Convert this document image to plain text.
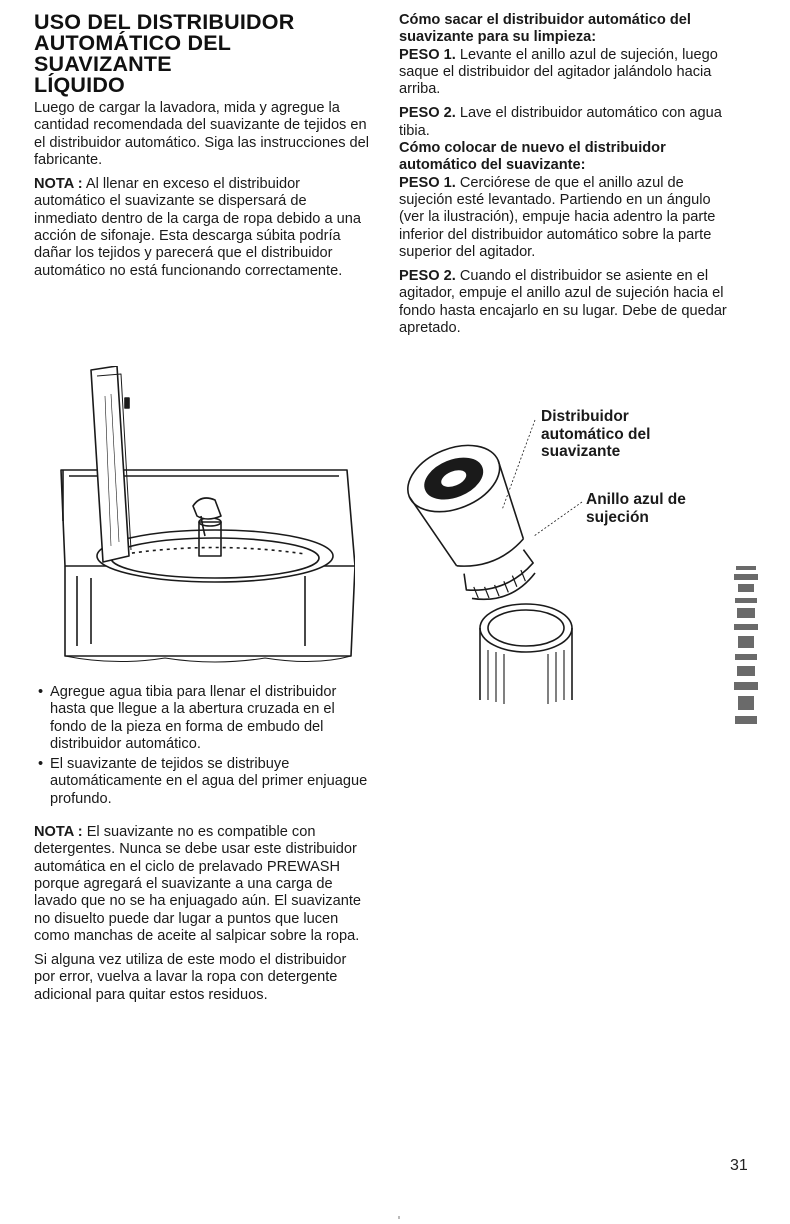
USO DEL DISTRIBUIDOR
AUTOMÁTICO DEL SUAVIZANTE
LÍQUIDO

Luego de cargar la lavadora, mida y agregue la cantidad recomendada del suavizante de tejidos en el distribuidor automático. Siga las instrucciones del fabricante.

NOTA : Al llenar en exceso el distribuidor automático el suavizante se dispersará de inmediato dentro de la carga de ropa debido a una acción de sifonaje. Esta descarga súbita podría dañar los tejidos y parecerá que el distribuidor automático no está funcionando correctamente.

• Agregue agua tibia para llenar el distribuidor hasta que llegue a la abertura cruzada en el fondo de la pieza en forma de embudo del distribuidor automático.
• El suavizante de tejidos se distribuye automáticamente en el agua del primer enjuague profundo.

NOTA : El suavizante no es compatible con detergentes. Nunca se debe usar este distribuidor automática en el ciclo de prelavado PREWASH porque agregará el suavizante a una carga de lavado que no se ha enjuagado aún. El suavizante no disuelto puede dar lugar a puntos que lucen como manchas de aceite al salpicar sobre la ropa.

Si alguna vez utiliza de este modo el distribuidor por error, vuelva a lavar la ropa con detergente adicional para quitar estos residuos.

Cómo sacar el distribuidor automático del suavizante para su limpieza:

PESO 1. Levante el anillo azul de sujeción, luego saque el distribuidor del agitador jalándolo hacia arriba.

PESO 2. Lave el distribuidor automático con agua tibia.

Cómo colocar de nuevo el distribuidor automático del suavizante:

PESO 1. Cerciórese de que el anillo azul de sujeción esté levantado. Partiendo en un ángulo (ver la ilustración), empuje hacia adentro la parte inferior del distribuidor automático sobre la parte superior del agitador.

PESO 2. Cuando el distribuidor se asiente en el agitador, empuje el anillo azul de sujeción hacia el fondo hasta encajarlo en su lugar. Debe de quedar apretado.

Distribuidor
automático del
suavizante
Anillo azul de
sujeción
31
